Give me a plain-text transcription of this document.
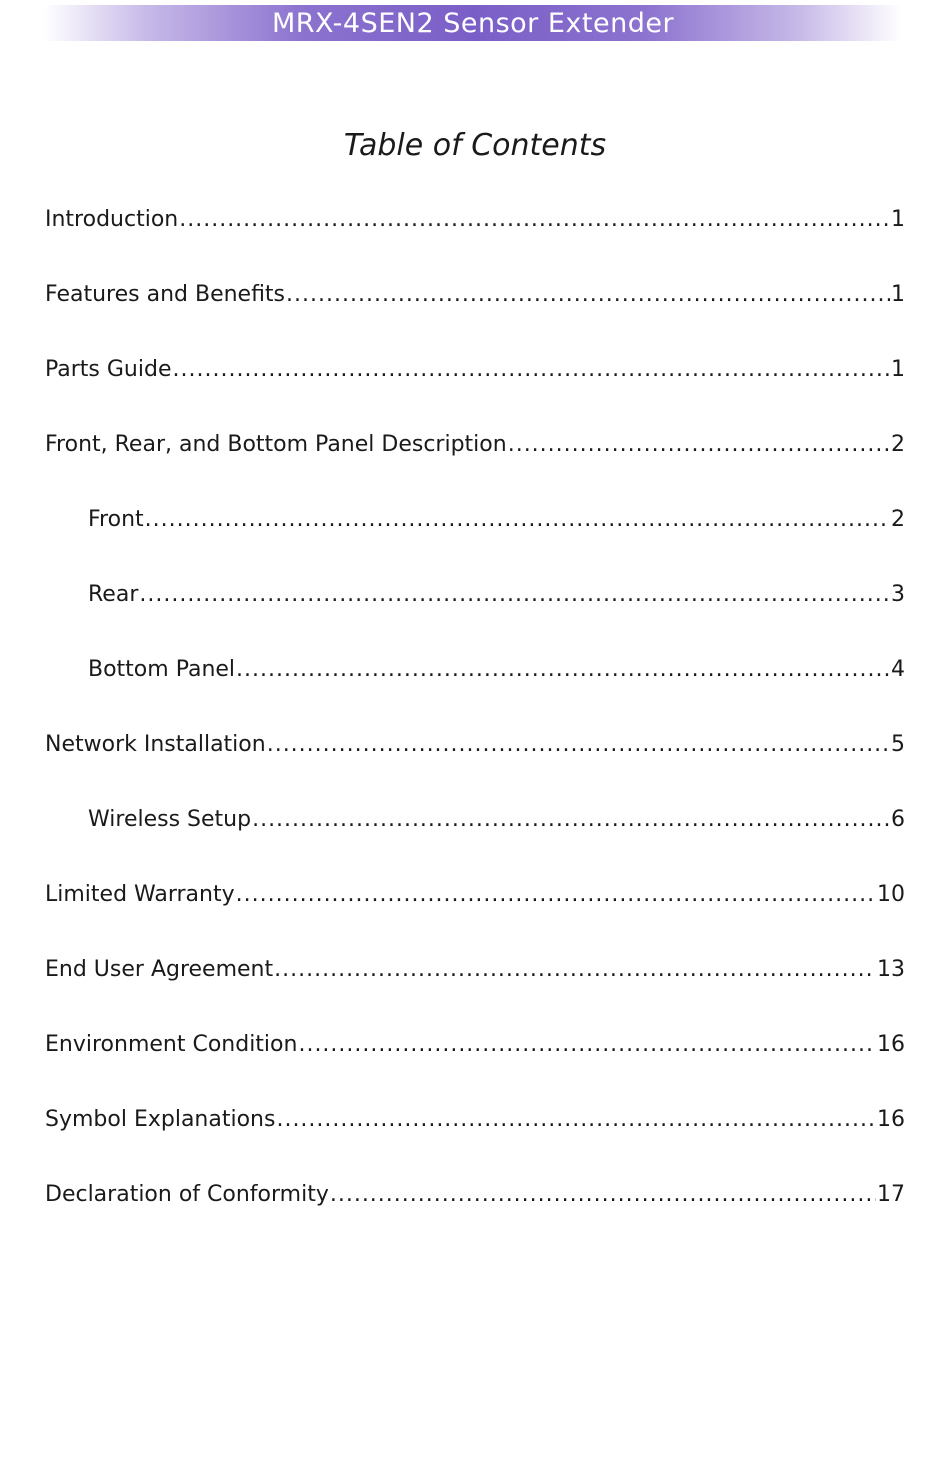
MRX-4SEN2 Sensor Extender
Table of Contents
Introduction .....	1
Features and Benefits .....	1
Parts Guide .....	1
Front, Rear, and Bottom Panel Description .....	2
Front .....	2
Rear .....	3
Bottom Panel .....	4
Network Installation .....	5
Wireless Setup .....	6
Limited Warranty .....	10
End User Agreement .....	13
Environment Condition .....	16
Symbol Explanations .....	16
Declaration of Conformity .....	17
